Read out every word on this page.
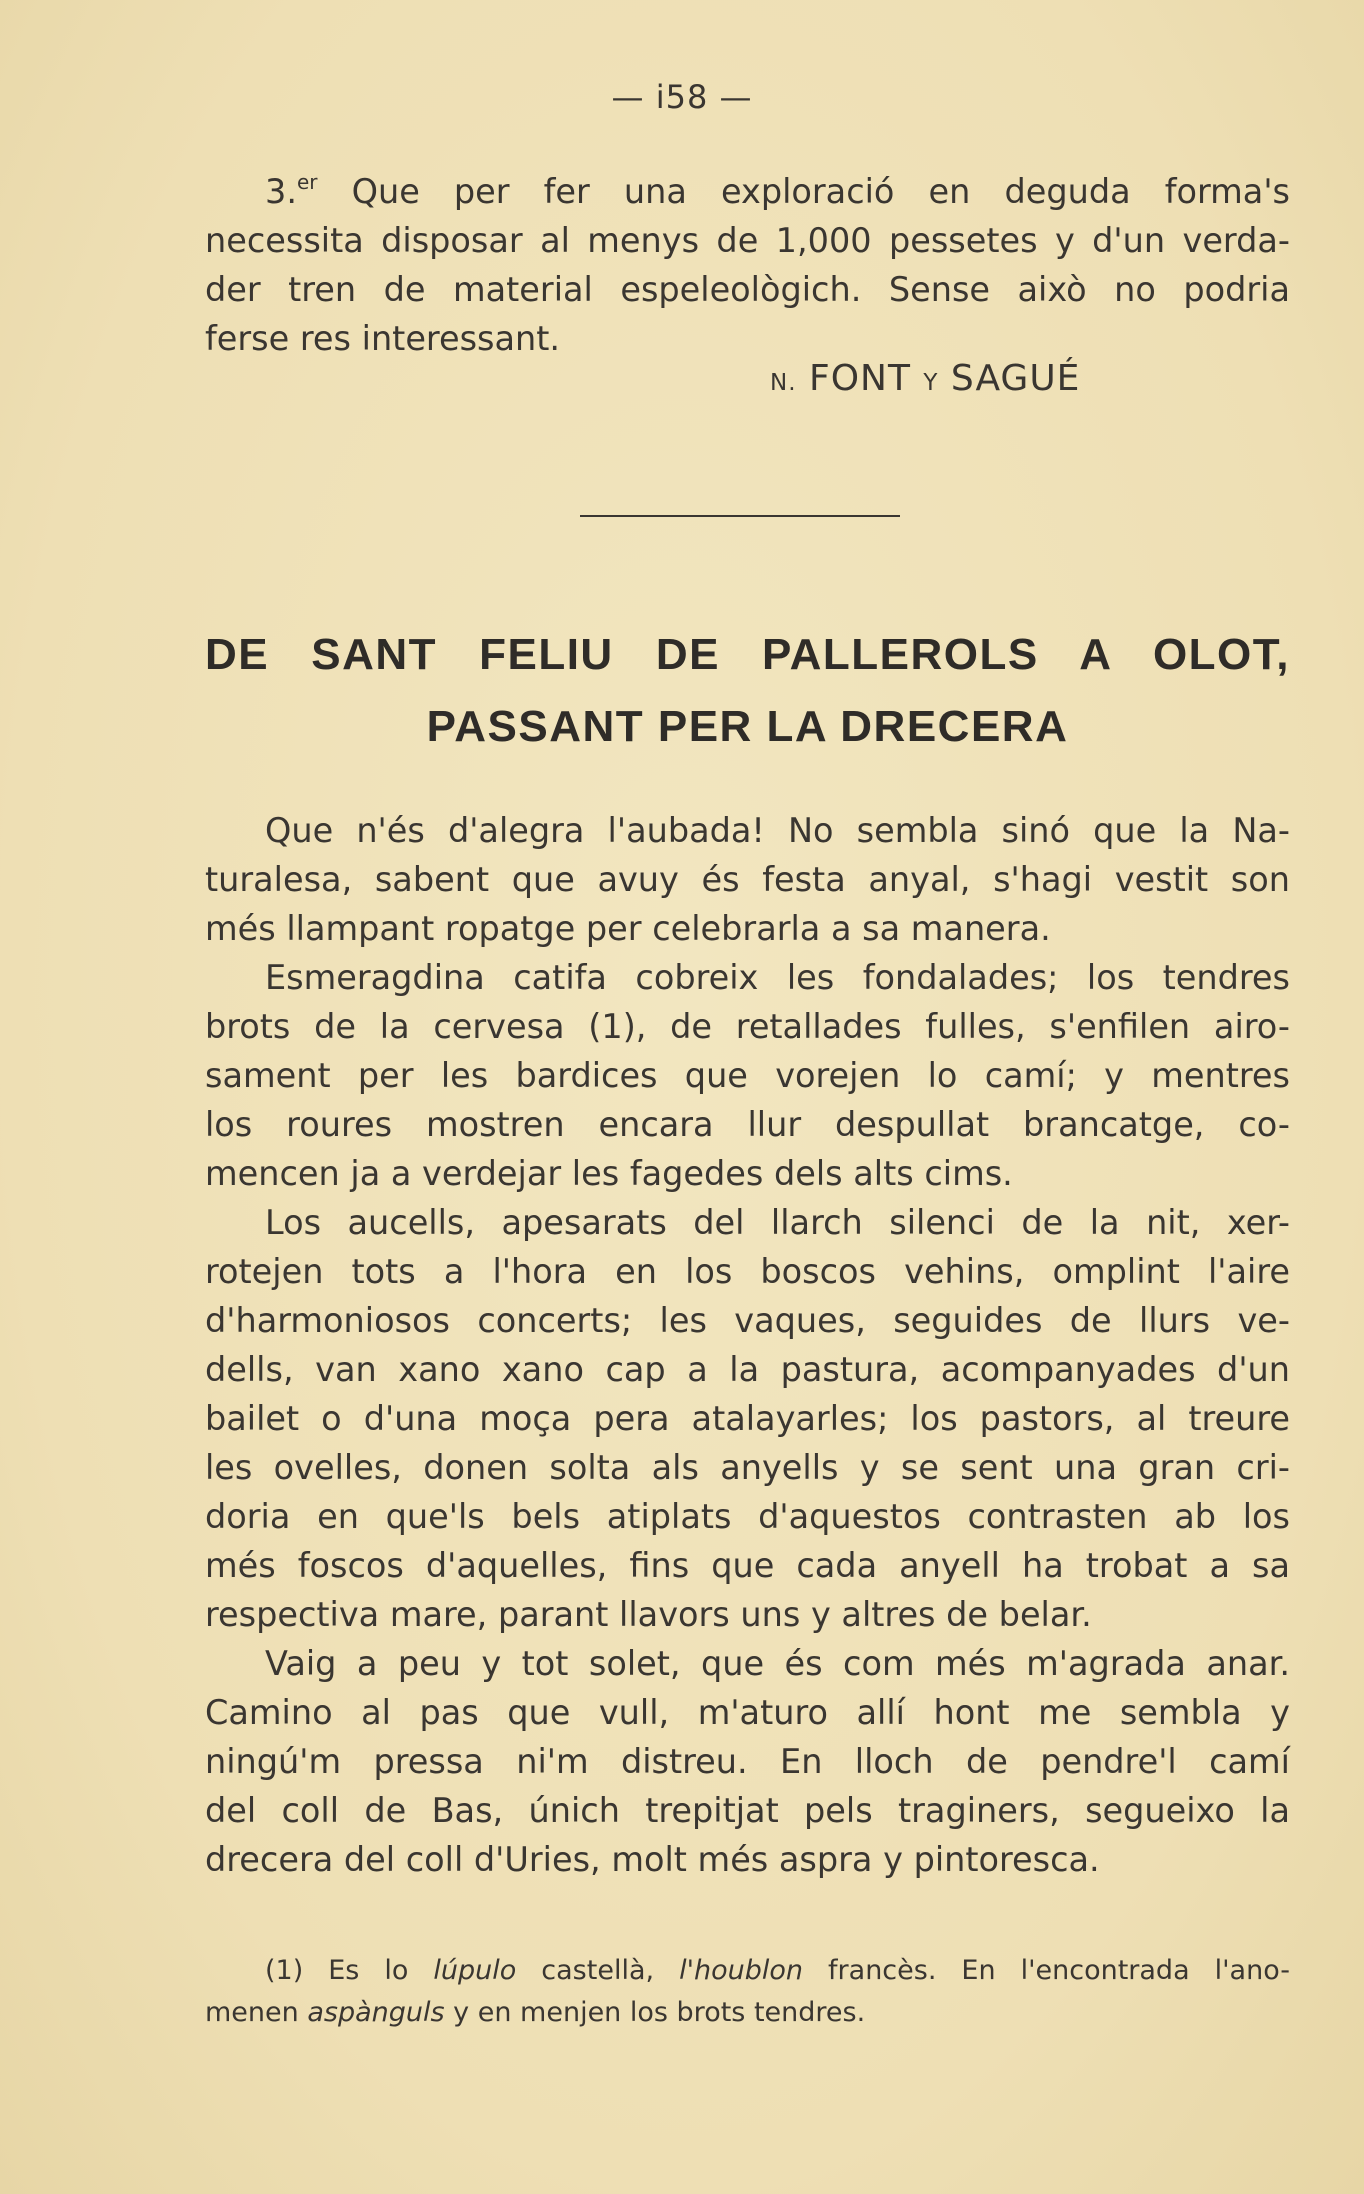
— i58 —
3.$^{er}$ Que per fer una exploració en deguda forma's
necessita disposar al menys de 1,000 pessetes y d'un verda-
der tren de material espeleològich. Sense això no podria
ferse res interessant.
N. FONT Y SAGUÉ
DE SANT FELIU DE PALLEROLS A OLOT,
PASSANT PER LA DRECERA
Que n'és d'alegra l'aubada! No sembla sinó que la Na-
turalesa, sabent que avuy és festa anyal, s'hagi vestit son
més llampant ropatge per celebrarla a sa manera.
Esmeragdina catifa cobreix les fondalades; los tendres
brots de la cervesa (1), de retallades fulles, s'enfilen airo-
sament per les bardices que vorejen lo camí; y mentres
los roures mostren encara llur despullat brancatge, co-
mencen ja a verdejar les fagedes dels alts cims.
Los aucells, apesarats del llarch silenci de la nit, xer-
rotejen tots a l'hora en los boscos vehins, omplint l'aire
d'harmoniosos concerts; les vaques, seguides de llurs ve-
dells, van xano xano cap a la pastura, acompanyades d'un
bailet o d'una moça pera atalayarles; los pastors, al treure
les ovelles, donen solta als anyells y se sent una gran cri-
doria en que'ls bels atiplats d'aquestos contrasten ab los
més foscos d'aquelles, fins que cada anyell ha trobat a sa
respectiva mare, parant llavors uns y altres de belar.
Vaig a peu y tot solet, que és com més m'agrada anar.
Camino al pas que vull, m'aturo allí hont me sembla y
ningú'm pressa ni'm distreu. En lloch de pendre'l camí
del coll de Bas, únich trepitjat pels traginers, segueixo la
drecera del coll d'Uries, molt més aspra y pintoresca.
(1) Es lo lúpulo castellà, l'houblon francès. En l'encontrada l'ano-
menen aspànguls y en menjen los brots tendres.
